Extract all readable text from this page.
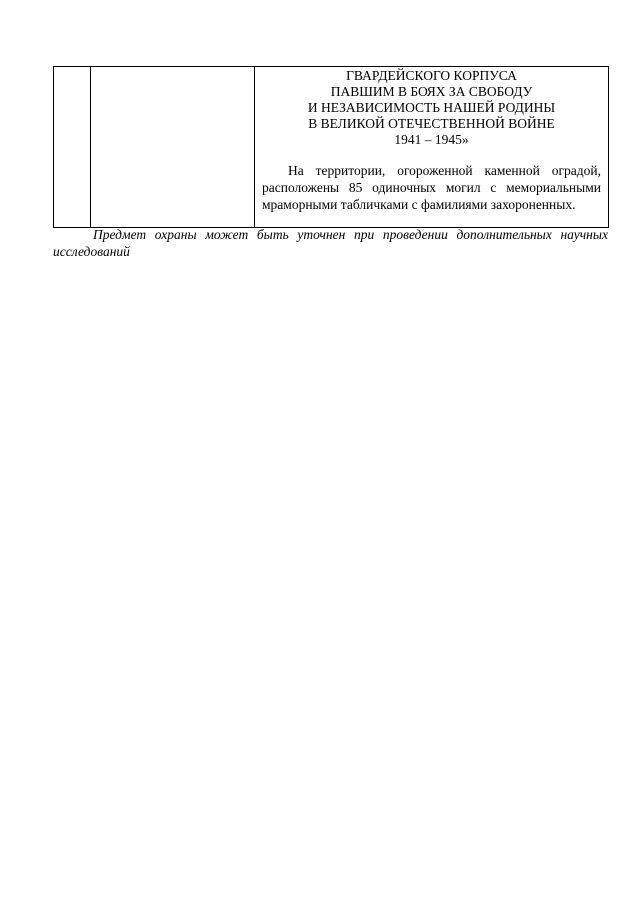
ГВАРДЕЙСКОГО КОРПУСА
ПАВШИМ В БОЯХ ЗА СВОБОДУ
И НЕЗАВИСИМОСТЬ НАШЕЙ РОДИНЫ
В ВЕЛИКОЙ ОТЕЧЕСТВЕННОЙ ВОЙНЕ
1941 – 1945»

На территории, огороженной каменной оградой, расположены 85 одиночных могил с мемориальными мраморными табличками с фамилиями захороненных.

Предмет охраны может быть уточнен при проведении дополнительных научных исследований
